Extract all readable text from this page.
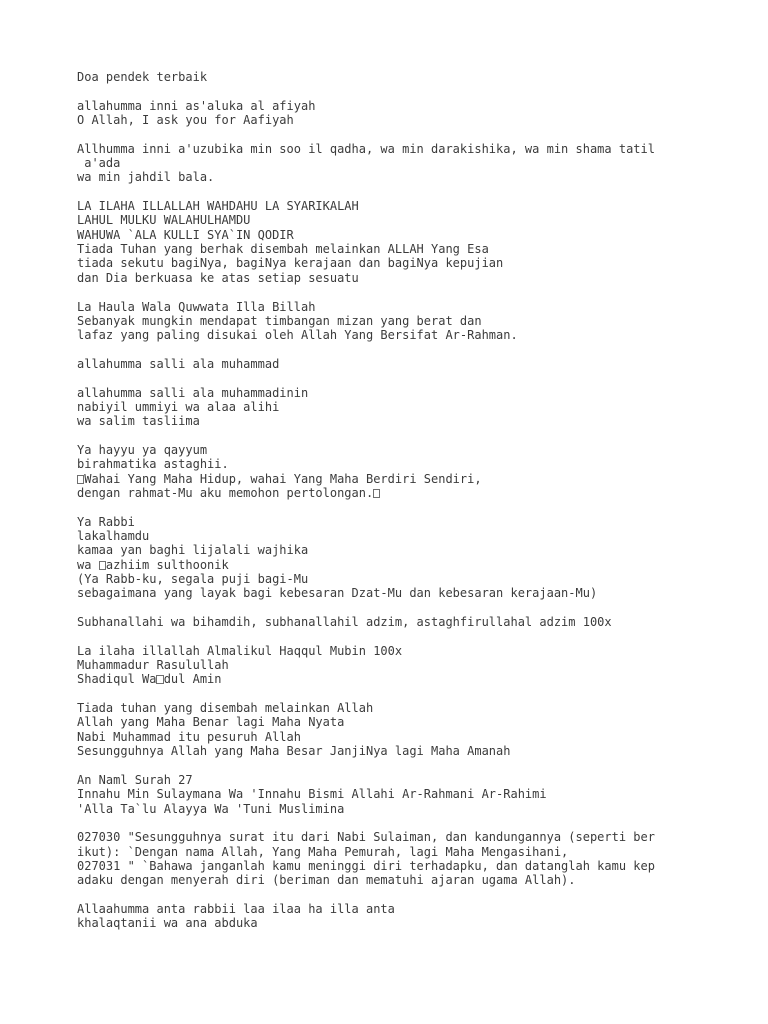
Doa pendek terbaik

allahumma inni as'aluka al afiyah
O Allah, I ask you for Aafiyah

Allhumma inni a'uzubika min soo il qadha, wa min darakishika, wa min shama tatil
a'ada
wa min jahdil bala.

LA ILAHA ILLALLAH WAHDAHU LA SYARIKALAH
LAHUL MULKU WALAHULHAMDU
WAHUWA `ALA KULLI SYA`IN QODIR
Tiada Tuhan yang berhak disembah melainkan ALLAH Yang Esa
tiada sekutu bagiNya, bagiNya kerajaan dan bagiNya kepujian
dan Dia berkuasa ke atas setiap sesuatu

La Haula Wala Quwwata Illa Billah
Sebanyak mungkin mendapat timbangan mizan yang berat dan
lafaz yang paling disukai oleh Allah Yang Bersifat Ar-Rahman.

allahumma salli ala muhammad

allahumma salli ala muhammadinin
nabiyil ummiyi wa alaa alihi
wa salim tasliima

Ya hayyu ya qayyum
birahmatika astaghii.
Wahai Yang Maha Hidup, wahai Yang Maha Berdiri Sendiri,
dengan rahmat-Mu aku memohon pertolongan.

Ya Rabbi
lakalhamdu
kamaa yan baghi lijalali wajhika
wa azhiim sulthoonik
(Ya Rabb-ku, segala puji bagi-Mu
sebagaimana yang layak bagi kebesaran Dzat-Mu dan kebesaran kerajaan-Mu)

Subhanallahi wa bihamdih, subhanallahil adzim, astaghfirullahal adzim 100x

La ilaha illallah Almalikul Haqqul Mubin 100x
Muhammadur Rasulullah
Shadiqul Wa dul Amin

Tiada tuhan yang disembah melainkan Allah
Allah yang Maha Benar lagi Maha Nyata
Nabi Muhammad itu pesuruh Allah
Sesungguhnya Allah yang Maha Besar JanjiNya lagi Maha Amanah

An Naml Surah 27
Innahu Min Sulaymana Wa 'Innahu Bismi Allahi Ar-Rahmani Ar-Rahimi
'Alla Ta`lu Alayya Wa 'Tuni Muslimina

027030 "Sesungguhnya surat itu dari Nabi Sulaiman, dan kandungannya (seperti ber
ikut): `Dengan nama Allah, Yang Maha Pemurah, lagi Maha Mengasihani,
027031 " `Bahawa janganlah kamu meninggi diri terhadapku, dan datanglah kamu kep
adaku dengan menyerah diri (beriman dan mematuhi ajaran ugama Allah).

Allaahumma anta rabbii laa ilaa ha illa anta
khalaqtanii wa ana abduka
